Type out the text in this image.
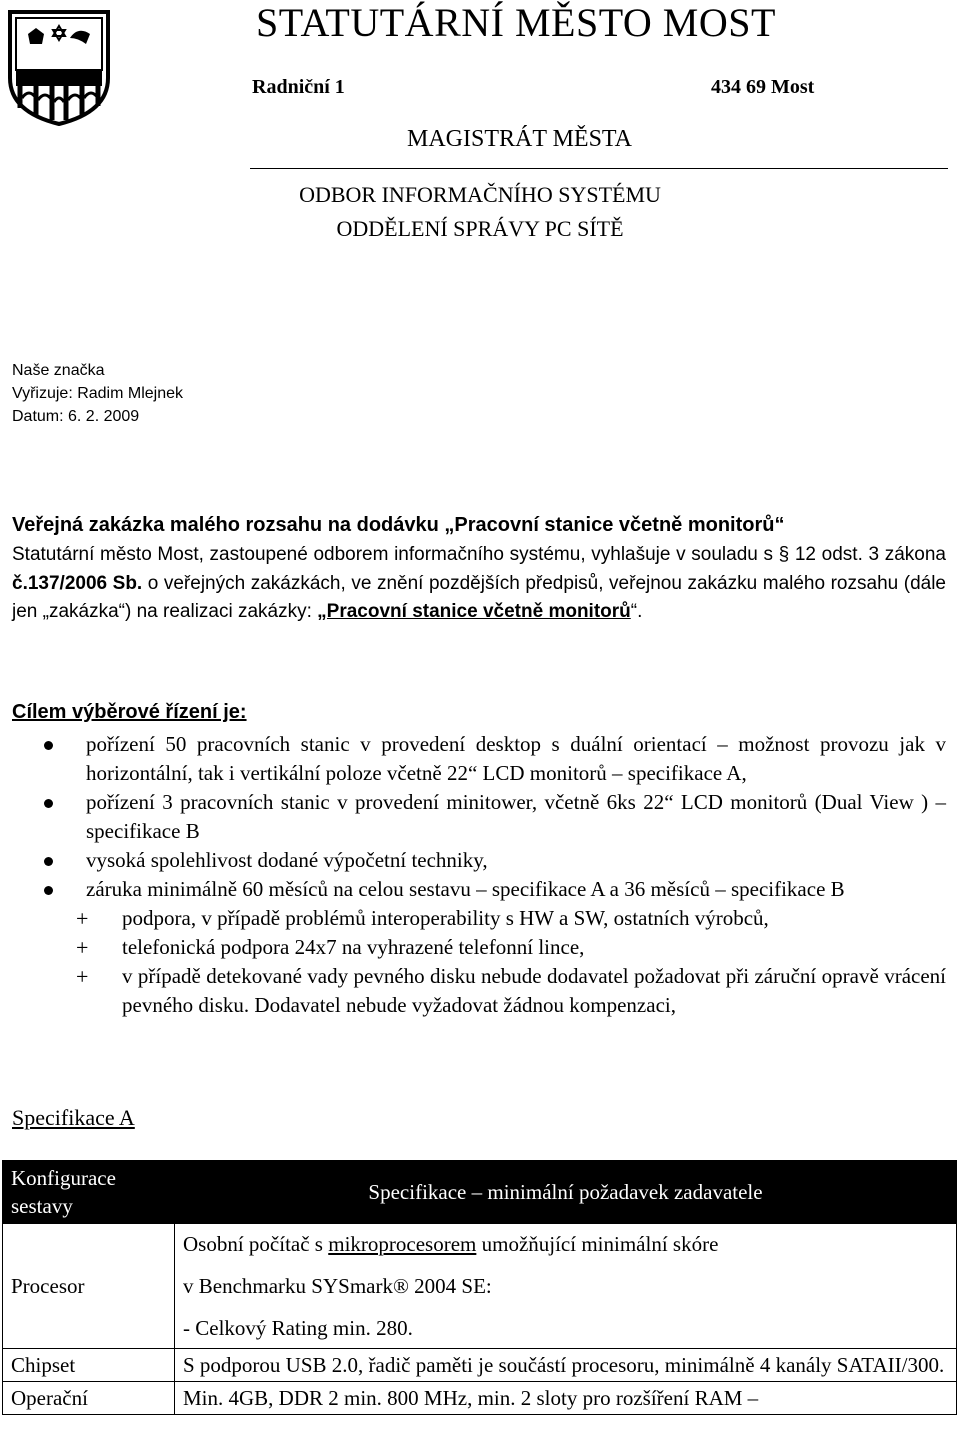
STATUTÁRNÍ MĚSTO MOST
Radniční 1	434 69 Most
MAGISTRÁT MĚSTA
ODBOR INFORMAČNÍHO SYSTÉMU
ODDĚLENÍ SPRÁVY PC SÍTĚ
Naše značka
Vyřizuje: Radim Mlejnek
Datum: 6. 2. 2009
Veřejná zakázka malého rozsahu na dodávku „Pracovní stanice včetně monitorů“
Statutární město Most, zastoupené odborem informačního systému, vyhlašuje v souladu s § 12 odst. 3 zákona č.137/2006 Sb. o veřejných zakázkách, ve znění pozdějších předpisů, veřejnou zakázku malého rozsahu (dále jen „zakázka“) na realizaci zakázky: „Pracovní stanice včetně monitorů“.
Cílem výběrové řízení je:
pořízení 50 pracovních stanic v provedení desktop s duální orientací – možnost provozu jak v horizontální, tak i vertikální poloze včetně 22“ LCD monitorů – specifikace A,
pořízení 3 pracovních stanic v provedení minitower, včetně 6ks 22“ LCD monitorů (Dual View ) – specifikace B
vysoká spolehlivost dodané výpočetní techniky,
záruka minimálně 60 měsíců na celou sestavu – specifikace A a 36 měsíců – specifikace B
+ podpora, v případě problémů interoperability s HW a SW, ostatních výrobců,
+ telefonická podpora 24x7 na vyhrazené telefonní lince,
+ v případě detekované vady pevného disku nebude dodavatel požadovat při záruční opravě vrácení pevného disku. Dodavatel nebude vyžadovat žádnou kompenzaci,
Specifikace A
Konfigurace sestavy	Specifikace – minimální požadavek zadavatele
Procesor	Osobní počítač s mikroprocesorem umožňující minimální skóre
v Benchmarku SYSmark® 2004 SE:
- Celkový Rating min. 280.

Chipset	S podporou USB 2.0, řadič paměti je součástí procesoru, minimálně 4 kanály SATAII/300.
Operační	Min. 4GB, DDR 2 min. 800 MHz, min. 2 sloty pro rozšíření RAM –
